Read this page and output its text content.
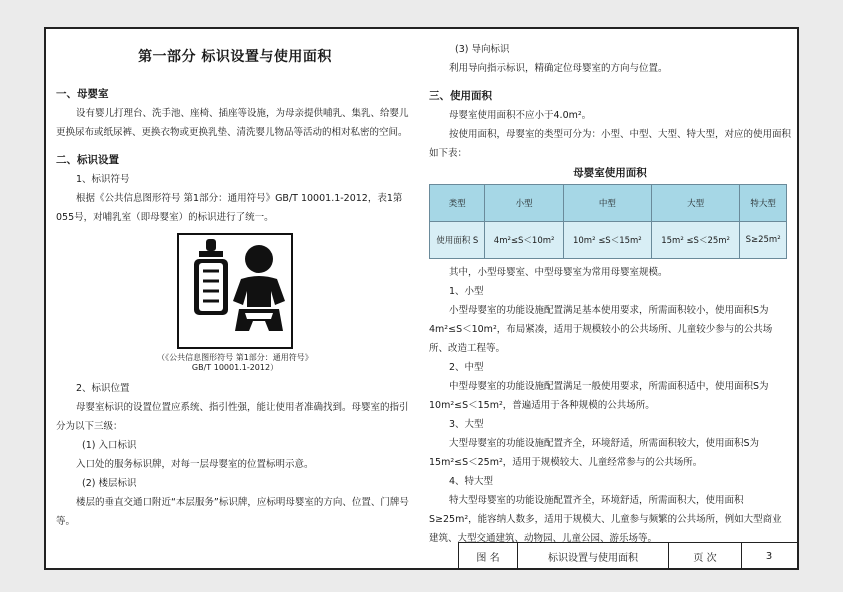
第一部分 标识设置与使用面积
一、母婴室

设有婴儿打理台、洗手池、座椅、插座等设施，为母亲提供哺乳、集乳、给婴儿更换尿布或纸尿裤、更换衣物或更换乳垫、清洗婴儿物品等活动的相对私密的空间。

二、标识设置

1、标识符号

根据《公共信息图形符号 第1部分：通用符号》GB/T 10001.1-2012，表1第055号，对哺乳室（即母婴室）的标识进行了统一。

（《公共信息图形符号 第1部分：通用符号》
GB/T 10001.1-2012）

2、标识位置

母婴室标识的设置位置应系统、指引性强，能让使用者准确找到。母婴室的指引分为以下三级：

(1) 入口标识

入口处的服务标识牌，对每一层母婴室的位置标明示意。

(2) 楼层标识

楼层的垂直交通口附近“本层服务”标识牌，应标明母婴室的方向、位置、门牌号等。

(3) 导向标识

利用导向指示标识，精确定位母婴室的方向与位置。

三、使用面积

母婴室使用面积不应小于4.0m²。

按使用面积，母婴室的类型可分为：小型、中型、大型、特大型，对应的使用面积如下表：

母婴室使用面积
类型	小型	中型	大型	特大型
使用面积 S	4m²≤S＜10m²	10m² ≤S＜15m²	15m² ≤S＜25m²	S≥25m²

其中，小型母婴室、中型母婴室为常用母婴室规模。

1、小型

小型母婴室的功能设施配置满足基本使用要求，所需面积较小，使用面积S为4m²≤S＜10m²，布局紧凑，适用于规模较小的公共场所、儿童较少参与的公共场所、改造工程等。

2、中型

中型母婴室的功能设施配置满足一般使用要求，所需面积适中，使用面积S为10m²≤S＜15m²，普遍适用于各种规模的公共场所。

3、大型

大型母婴室的功能设施配置齐全，环境舒适，所需面积较大，使用面积S为15m²≤S＜25m²，适用于规模较大、儿童经常参与的公共场所。

4、特大型

特大型母婴室的功能设施配置齐全，环境舒适，所需面积大，使用面积S≥25m²，能容纳人数多，适用于规模大、儿童参与频繁的公共场所，例如大型商业建筑、大型交通建筑、动物园、儿童公园、游乐场等。

图 名	标识设置与使用面积	页 次	3
